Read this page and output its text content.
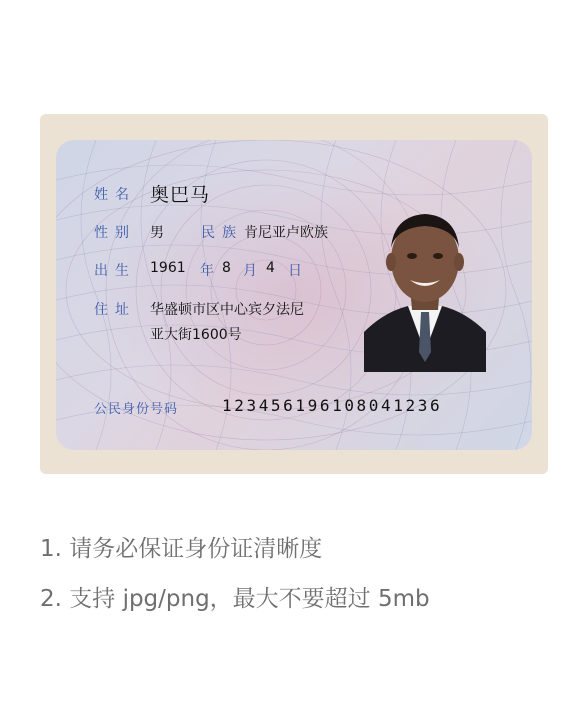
姓名 奥巴马
性别 男	民族 肯尼亚卢欧族
出生 1961 年 8 月 4 日
住址 华盛顿市区中心宾夕法尼
亚大街1600号
公民身份号码	123456196108041236
1. 请务必保证身份证清晰度
2. 支持 jpg/png，最大不要超过 5mb
